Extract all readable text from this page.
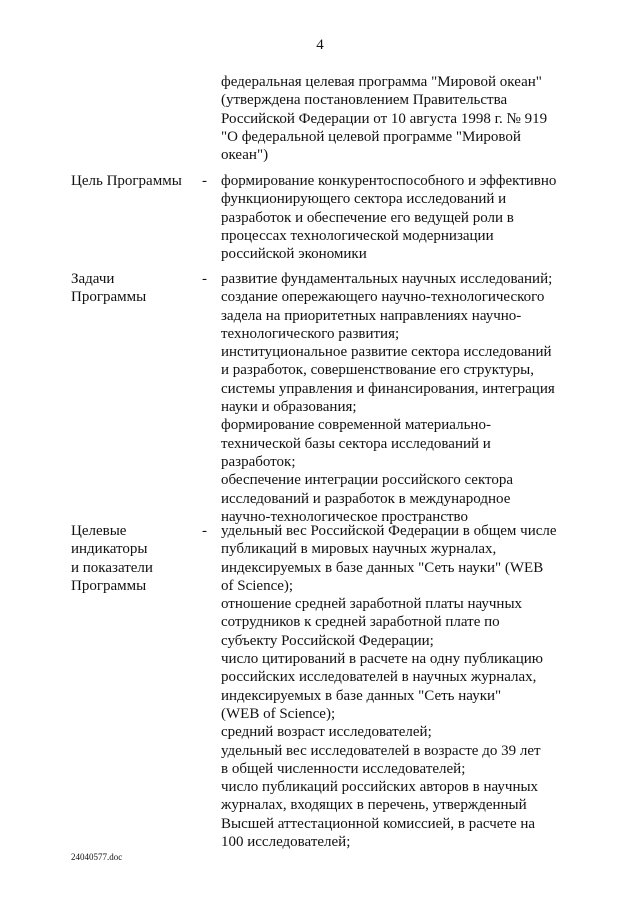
4
федеральная целевая программа "Мировой океан"
(утверждена постановлением Правительства
Российской Федерации от 10 августа 1998 г. № 919
"О федеральной целевой программе "Мировой
океан")
Цель Программы	- формирование конкурентоспособного и эффективно
функционирующего сектора исследований и
разработок и обеспечение его ведущей роли в
процессах технологической модернизации
российской экономики
Задачи
Программы
- развитие фундаментальных научных исследований;
создание опережающего научно-технологического
задела на приоритетных направлениях научно-
технологического развития;
институциональное развитие сектора исследований
и разработок, совершенствование его структуры,
системы управления и финансирования, интеграция
науки и образования;
формирование современной материально-
технической базы сектора исследований и
разработок;
обеспечение интеграции российского сектора
исследований и разработок в международное
научно-технологическое пространство
Целевые
индикаторы
и показатели
Программы
- удельный вес Российской Федерации в общем числе
публикаций в мировых научных журналах,
индексируемых в базе данных "Сеть науки" (WEB
of Science);
отношение средней заработной платы научных
сотрудников к средней заработной плате по
субъекту Российской Федерации;
число цитирований в расчете на одну публикацию
российских исследователей в научных журналах,
индексируемых в базе данных "Сеть науки"
(WEB of Science);
средний возраст исследователей;
удельный вес исследователей в возрасте до 39 лет
в общей численности исследователей;
число публикаций российских авторов в научных
журналах, входящих в перечень, утвержденный
Высшей аттестационной комиссией, в расчете на
100 исследователей;
24040577.doc
